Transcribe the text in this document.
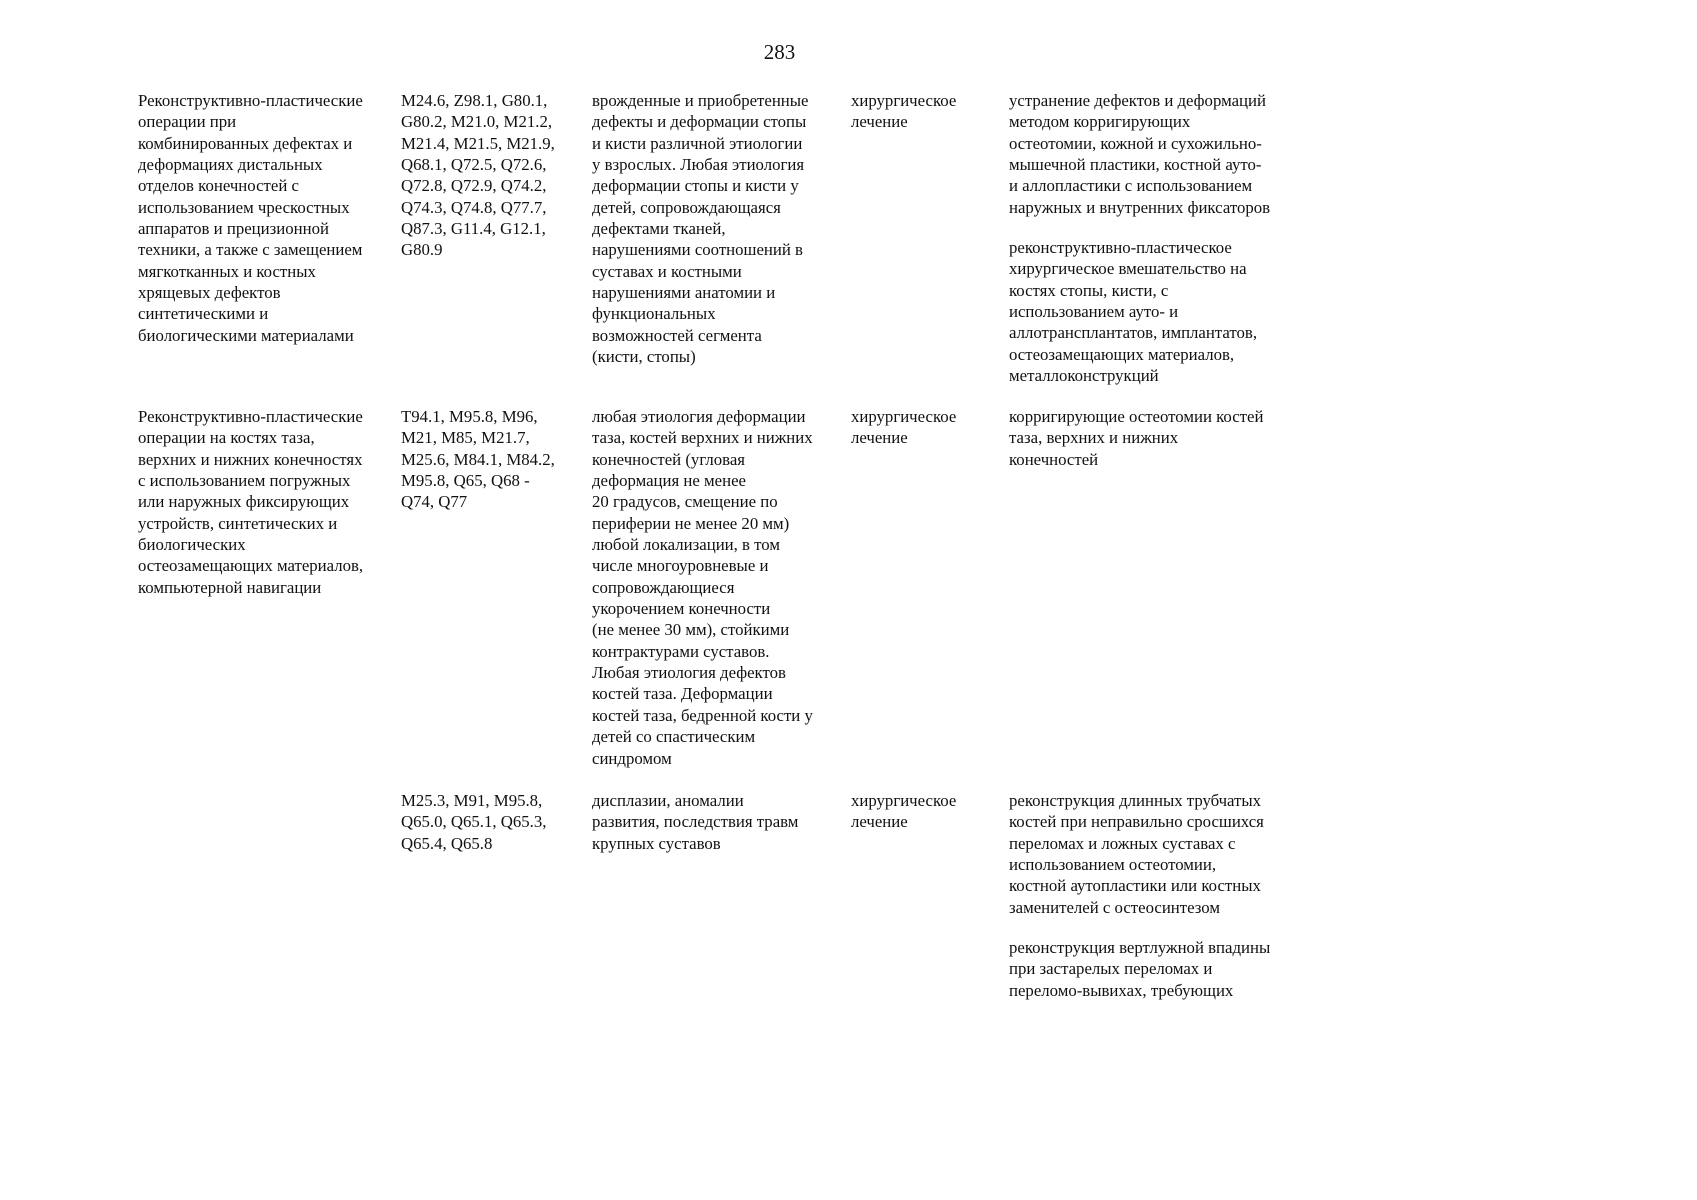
283
Реконструктивно-пластические
операции при
комбинированных дефектах и
деформациях дистальных
отделов конечностей с
использованием чрескостных
аппаратов и прецизионной
техники, а также с замещением
мягкотканных и костных
хрящевых дефектов
синтетическими и
биологическими материалами
M24.6, Z98.1, G80.1,
G80.2, M21.0, M21.2,
M21.4, M21.5, M21.9,
Q68.1, Q72.5, Q72.6,
Q72.8, Q72.9, Q74.2,
Q74.3, Q74.8, Q77.7,
Q87.3, G11.4, G12.1,
G80.9
врожденные и приобретенные
дефекты и деформации стопы
и кисти различной этиологии
у взрослых. Любая этиология
деформации стопы и кисти у
детей, сопровождающаяся
дефектами тканей,
нарушениями соотношений в
суставах и костными
нарушениями анатомии и
функциональных
возможностей сегмента
(кисти, стопы)
хирургическое
лечение
устранение дефектов и деформаций
методом корригирующих
остеотомии, кожной и сухожильно-
мышечной пластики, костной ауто-
и аллопластики с использованием
наружных и внутренних фиксаторов
реконструктивно-пластическое
хирургическое вмешательство на
костях стопы, кисти, с
использованием ауто- и
аллотрансплантатов, имплантатов,
остеозамещающих материалов,
металлоконструкций
Реконструктивно-пластические
операции на костях таза,
верхних и нижних конечностях
с использованием погружных
или наружных фиксирующих
устройств, синтетических и
биологических
остеозамещающих материалов,
компьютерной навигации
T94.1, M95.8, M96,
M21, M85, M21.7,
M25.6, M84.1, M84.2,
M95.8, Q65, Q68 -
Q74, Q77
любая этиология деформации
таза, костей верхних и нижних
конечностей (угловая
деформация не менее
20 градусов, смещение по
периферии не менее 20 мм)
любой локализации, в том
числе многоуровневые и
сопровождающиеся
укорочением конечности
(не менее 30 мм), стойкими
контрактурами суставов.
Любая этиология дефектов
костей таза. Деформации
костей таза, бедренной кости у
детей со спастическим
синдромом
хирургическое
лечение
корригирующие остеотомии костей
таза, верхних и нижних
конечностей
M25.3, M91, M95.8,
Q65.0, Q65.1, Q65.3,
Q65.4, Q65.8
дисплазии, аномалии
развития, последствия травм
крупных суставов
хирургическое
лечение
реконструкция длинных трубчатых
костей при неправильно сросшихся
переломах и ложных суставах с
использованием остеотомии,
костной аутопластики или костных
заменителей с остеосинтезом
реконструкция вертлужной впадины
при застарелых переломах и
переломо-вывихах, требующих
